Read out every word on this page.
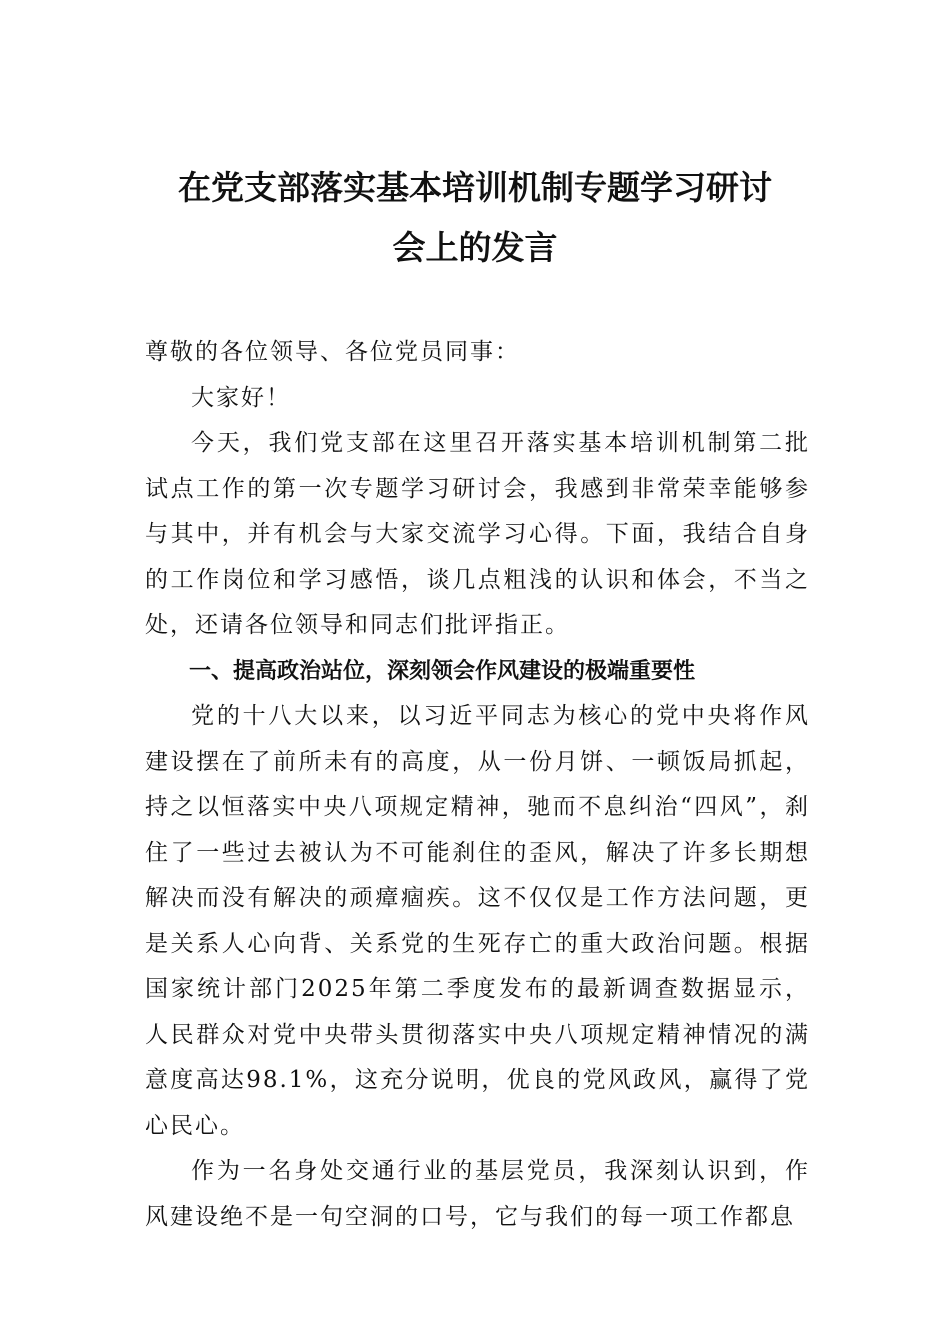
在党支部落实基本培训机制专题学习研讨
会上的发言

尊敬的各位领导、各位党员同事：

大家好！

今天，我们党支部在这里召开落实基本培训机制第二批试点工作的第一次专题学习研讨会，我感到非常荣幸能够参与其中，并有机会与大家交流学习心得。下面，我结合自身的工作岗位和学习感悟，谈几点粗浅的认识和体会，不当之处，还请各位领导和同志们批评指正。

一、提高政治站位，深刻领会作风建设的极端重要性

党的十八大以来，以习近平同志为核心的党中央将作风建设摆在了前所未有的高度，从一份月饼、一顿饭局抓起，持之以恒落实中央八项规定精神，驰而不息纠治“四风”，刹住了一些过去被认为不可能刹住的歪风，解决了许多长期想解决而没有解决的顽瘴痼疾。这不仅仅是工作方法问题，更是关系人心向背、关系党的生死存亡的重大政治问题。根据国家统计部门2025年第二季度发布的最新调查数据显示，人民群众对党中央带头贯彻落实中央八项规定精神情况的满意度高达98.1%，这充分说明，优良的党风政风，赢得了党心民心。

作为一名身处交通行业的基层党员，我深刻认识到，作风建设绝不是一句空洞的口号，它与我们的每一项工作都息
